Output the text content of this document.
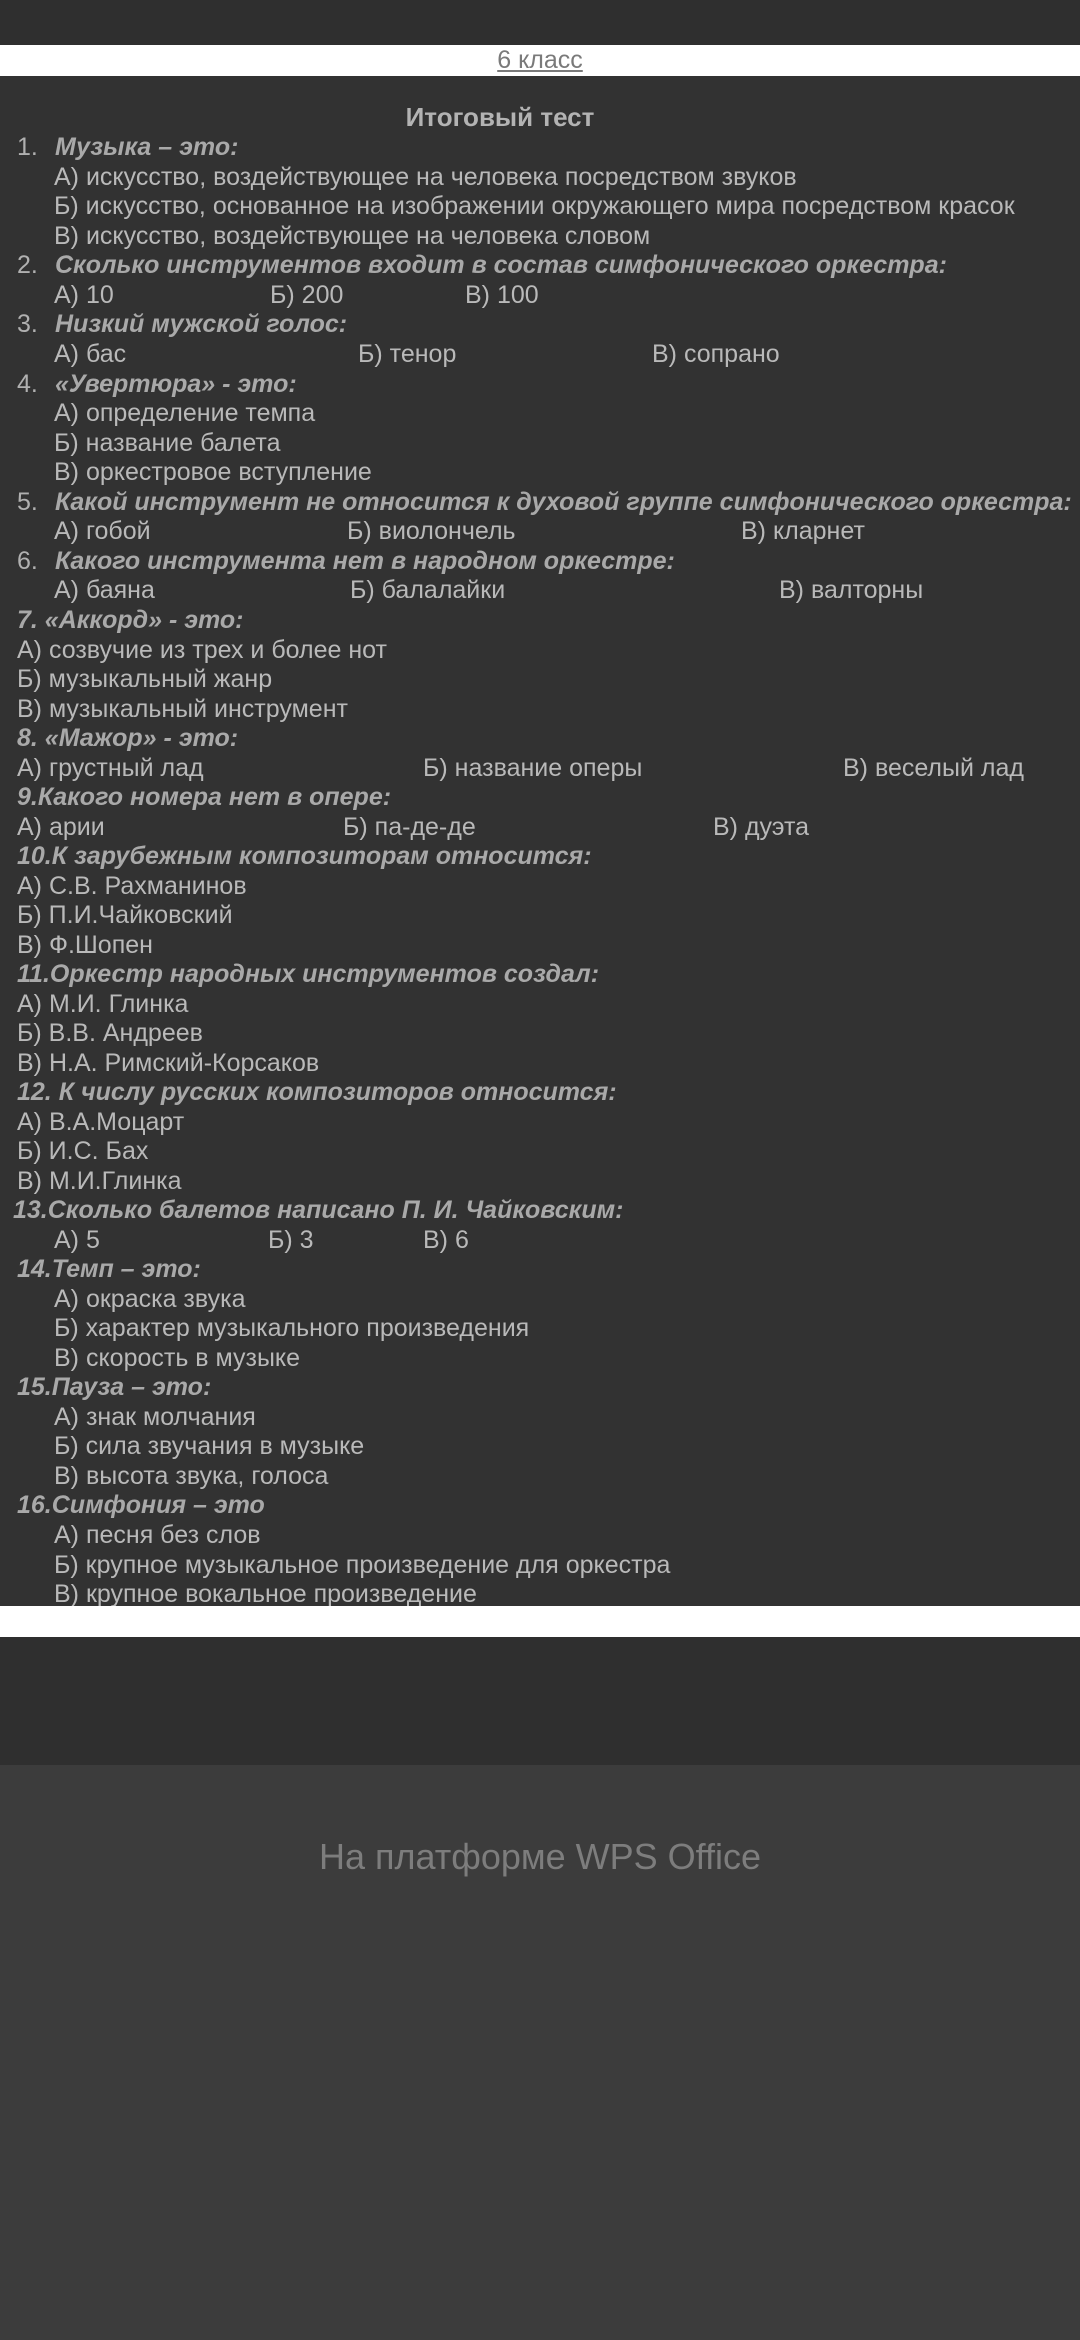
6 класс
Итоговый тест
1. Музыка – это:
А) искусство, воздействующее на человека посредством звуков
Б) искусство, основанное на изображении окружающего мира посредством красок
В) искусство, воздействующее на человека словом
2. Сколько инструментов входит в состав симфонического оркестра:
А) 10	Б) 200	В) 100
3. Низкий мужской голос:
А) бас	Б) тенор	В) сопрано
4. «Увертюра» - это:
А) определение темпа
Б) название балета
В) оркестровое вступление
5. Какой инструмент не относится к духовой группе симфонического оркестра:
А) гобой	Б) виолончель	В) кларнет
6. Какого инструмента нет в народном оркестре:
А) баяна	Б) балалайки	В) валторны
7. «Аккорд» - это:
А) созвучие из трех и более нот
Б) музыкальный жанр
В) музыкальный инструмент
8. «Мажор» - это:
А) грустный лад	Б) название оперы	В) веселый лад
9.Какого номера нет в опере:
А) арии	Б) па-де-де	В) дуэта
10.К зарубежным композиторам относится:
А) С.В. Рахманинов
Б) П.И.Чайковский
В) Ф.Шопен
11.Оркестр народных инструментов создал:
А) М.И. Глинка
Б) В.В. Андреев
В) Н.А. Римский-Корсаков
12. К числу русских композиторов относится:
А) В.А.Моцарт
Б) И.С. Бах
В) М.И.Глинка
13.Сколько балетов написано П. И. Чайковским:
А) 5	Б) 3	В) 6
14.Темп – это:
А) окраска звука
Б) характер музыкального произведения
В) скорость в музыке
15.Пауза – это:
А) знак молчания
Б) сила звучания в музыке
В) высота звука, голоса
16.Симфония – это
А) песня без слов
Б) крупное музыкальное произведение для оркестра
В) крупное вокальное произведение
На платформе WPS Office
